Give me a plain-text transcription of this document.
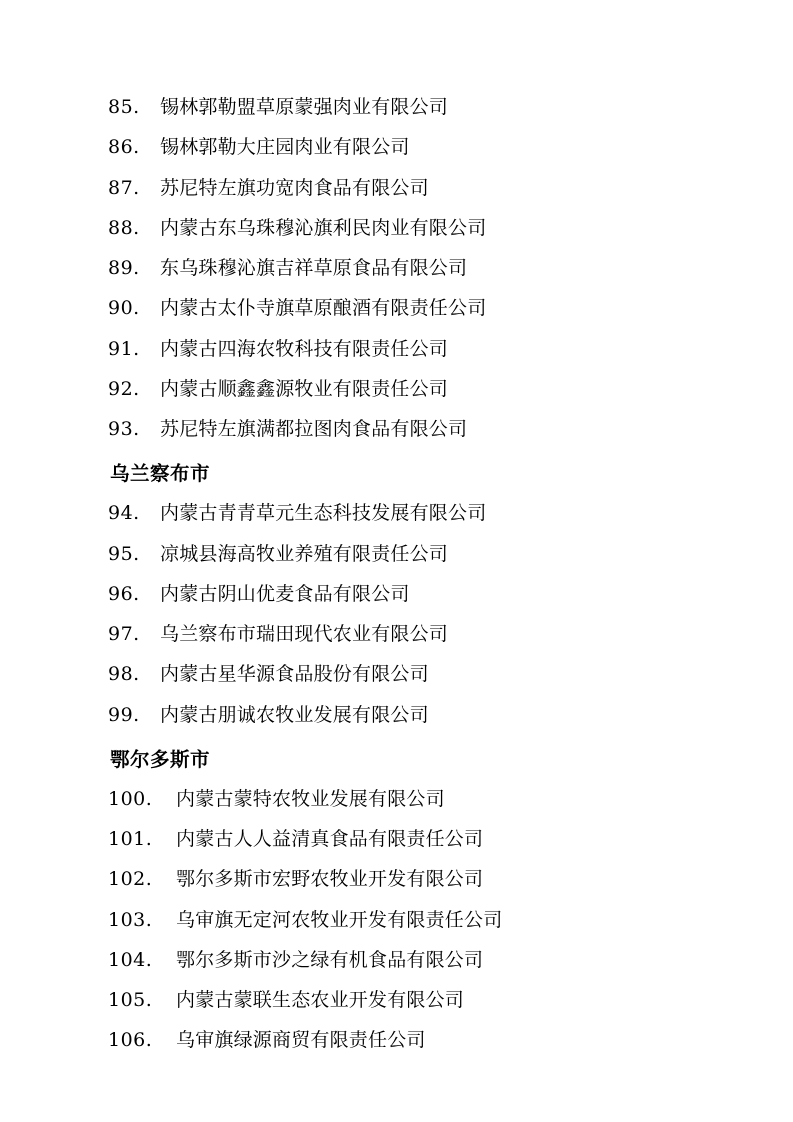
85.	锡林郭勒盟草原蒙强肉业有限公司
86.	锡林郭勒大庄园肉业有限公司
87.	苏尼特左旗功宽肉食品有限公司
88.	内蒙古东乌珠穆沁旗利民肉业有限公司
89.	东乌珠穆沁旗吉祥草原食品有限公司
90.	内蒙古太仆寺旗草原酿酒有限责任公司
91.	内蒙古四海农牧科技有限责任公司
92.	内蒙古顺鑫鑫源牧业有限责任公司
93.	苏尼特左旗满都拉图肉食品有限公司
乌兰察布市
94.	内蒙古青青草元生态科技发展有限公司
95.	凉城县海高牧业养殖有限责任公司
96.	内蒙古阴山优麦食品有限公司
97.	乌兰察布市瑞田现代农业有限公司
98.	内蒙古星华源食品股份有限公司
99.	内蒙古朋诚农牧业发展有限公司
鄂尔多斯市
100.	内蒙古蒙特农牧业发展有限公司
101.	内蒙古人人益清真食品有限责任公司
102.	鄂尔多斯市宏野农牧业开发有限公司
103.	乌审旗无定河农牧业开发有限责任公司
104.	鄂尔多斯市沙之绿有机食品有限公司
105.	内蒙古蒙联生态农业开发有限公司
106.	乌审旗绿源商贸有限责任公司
